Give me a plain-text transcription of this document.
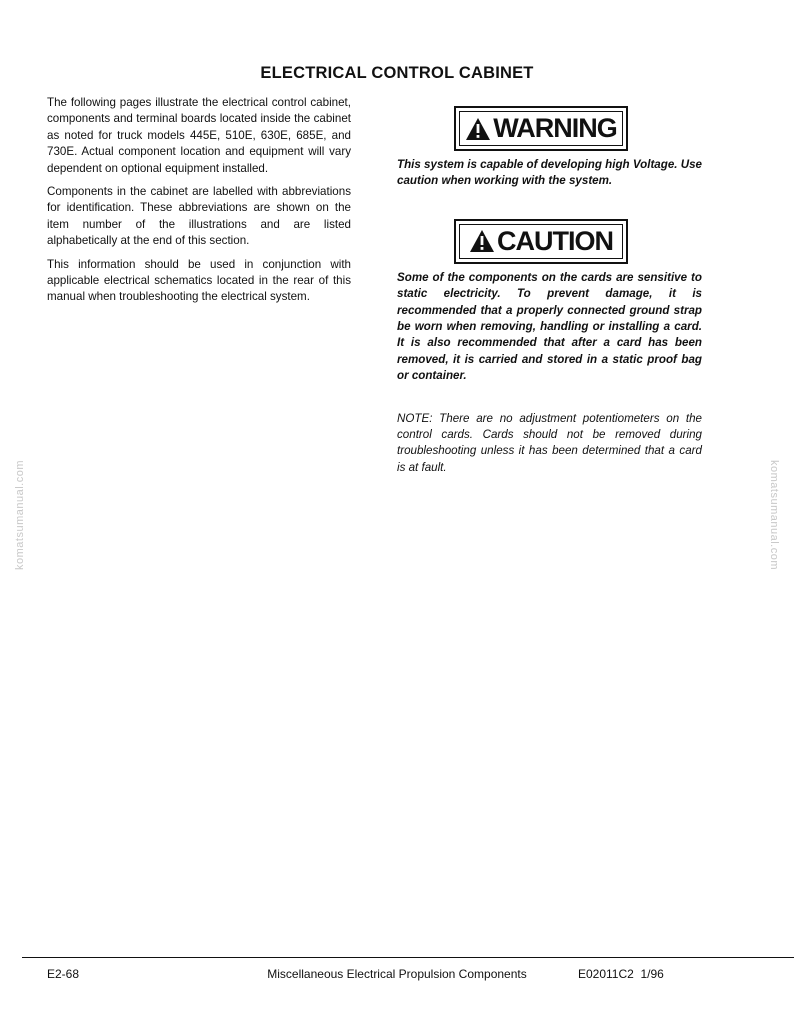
ELECTRICAL CONTROL CABINET

The following pages illustrate the electrical control cabinet, components and terminal boards located inside the cabinet as noted for truck models 445E, 510E, 630E, 685E, and 730E. Actual component location and equipment will vary dependent on optional equipment installed.

Components in the cabinet are labelled with abbreviations for identification. These abbreviations are shown on the item number of the illustrations and are listed alphabetically at the end of this section.

This information should be used in conjunction with applicable electrical schematics located in the rear of this manual when troubleshooting the electrical system.

WARNING

This system is capable of developing high Voltage. Use caution when working with the system.

CAUTION

Some of the components on the cards are sensitive to static electricity. To prevent damage, it is recommended that a properly connected ground strap be worn when removing, handling or installing a card. It is also recommended that after a card has been removed, it is carried and stored in a static proof bag or container.

NOTE: There are no adjustment potentiometers on the control cards. Cards should not be removed during troubleshooting unless it has been determined that a card is at fault.

komatsumanual.com	komatsumanual.com
Miscellaneous Electrical Propulsion Components
E2-68	E02011C2  1/96
